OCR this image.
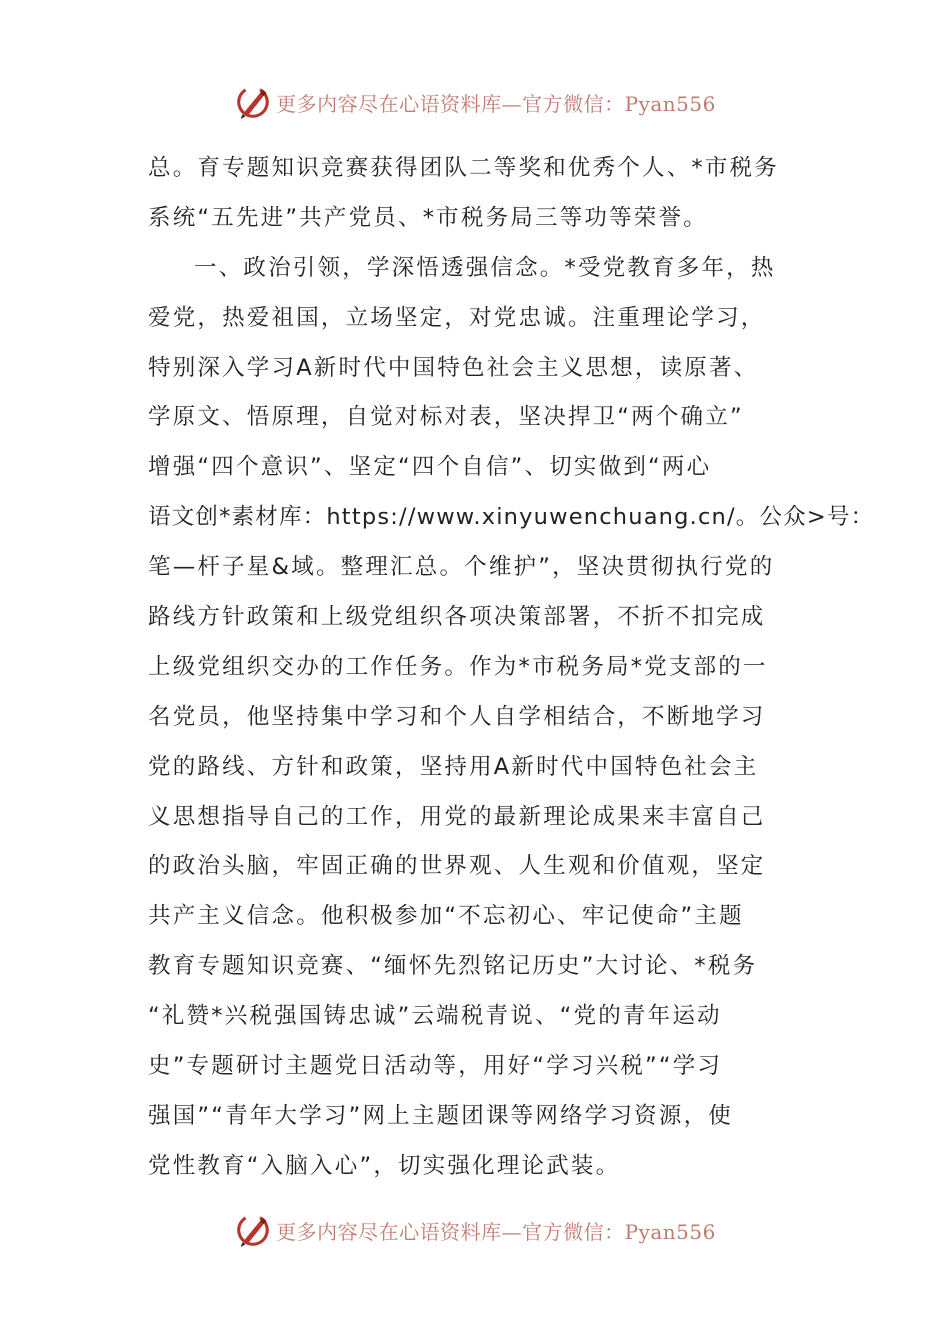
更多内容尽在心语资料库—官方微信：Pyan556
总。育专题知识竞赛获得团队二等奖和优秀个人、*市税务
系统“五先进”共产党员、*市税务局三等功等荣誉。
一、政治引领，学深悟透强信念。*受党教育多年，热
爱党，热爱祖国，立场坚定，对党忠诚。注重理论学习，
特别深入学习A新时代中国特色社会主义思想，读原著、
学原文、悟原理，自觉对标对表，坚决捍卫“两个确立”
增强“四个意识”、坚定“四个自信”、切实做到“两心
语文创*素材库：https://www.xinyuwenchuang.cn/。公众>号：
笔—杆子星&域。整理汇总。个维护”，坚决贯彻执行党的
路线方针政策和上级党组织各项决策部署，不折不扣完成
上级党组织交办的工作任务。作为*市税务局*党支部的一
名党员，他坚持集中学习和个人自学相结合，不断地学习
党的路线、方针和政策，坚持用A新时代中国特色社会主
义思想指导自己的工作，用党的最新理论成果来丰富自己
的政治头脑，牢固正确的世界观、人生观和价值观，坚定
共产主义信念。他积极参加“不忘初心、牢记使命”主题
教育专题知识竞赛、“缅怀先烈铭记历史”大讨论、*税务
“礼赞*兴税强国铸忠诚”云端税青说、“党的青年运动
史”专题研讨主题党日活动等，用好“学习兴税”“学习
强国”“青年大学习”网上主题团课等网络学习资源，使
党性教育“入脑入心”，切实强化理论武装。
更多内容尽在心语资料库—官方微信：Pyan556
